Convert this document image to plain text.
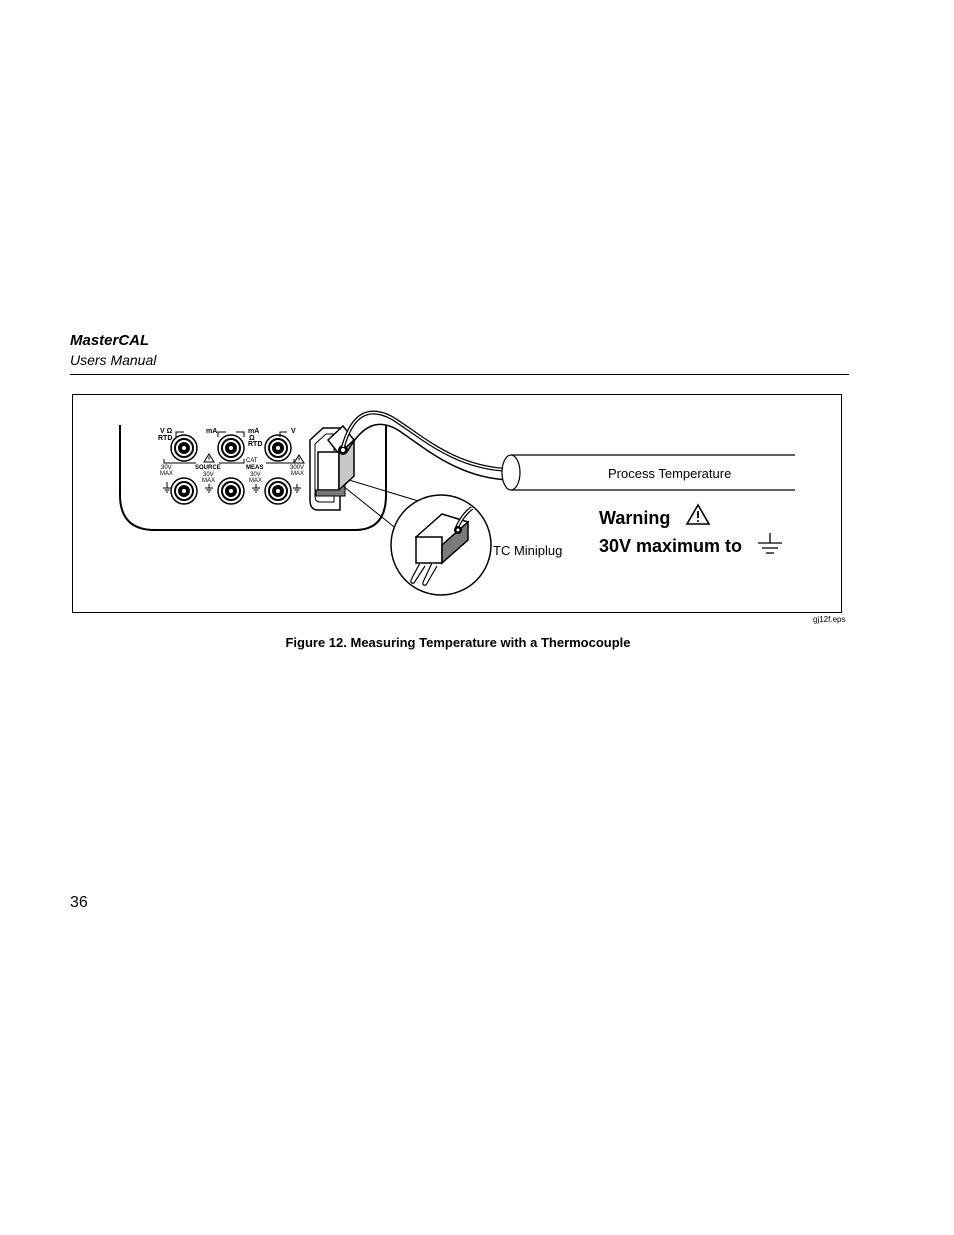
MasterCAL
Users Manual
V Ω
RTD
mA	mA
Ω
RTD
V
30V
MAX
SOURCE	MEAS
CAT
30V
MAX
30V
MAX
300V
MAX	Process Temperature
TC Miniplug
Warning
30V maximum to
gj12f.eps
Figure 12. Measuring Temperature with a Thermocouple
36
